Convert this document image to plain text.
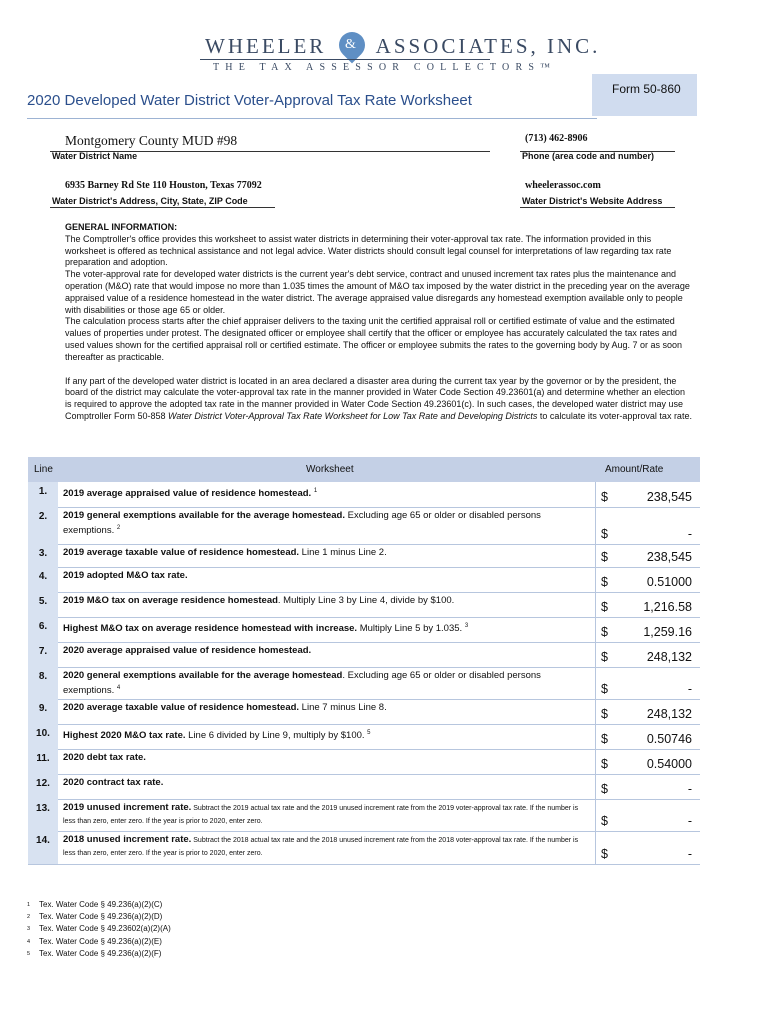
WHEELER	& ASSOCIATES, INC.
THE TAX ASSESSOR COLLECTORS™
Form 50-860
2020 Developed Water District Voter-Approval Tax Rate Worksheet
Montgomery County MUD #98
Water District Name
(713) 462-8906
Phone (area code and number)
6935 Barney Rd Ste 110 Houston, Texas 77092
Water District's Address, City, State, ZIP Code
wheelerassoc.com
Water District's Website Address

GENERAL INFORMATION:

The Comptroller's office provides this worksheet to assist water districts in determining their voter-approval tax rate. The information provided in this worksheet is offered as technical assistance and not legal advice. Water districts should consult legal counsel for interpretations of law regarding tax rate preparation and adoption.

The voter-approval rate for developed water districts is the current year's debt service, contract and unused increment tax rates plus the maintenance and operation (M&O) rate that would impose no more than 1.035 times the amount of M&O tax imposed by the water district in the preceding year on the average appraised value of a residence homestead in the water district. The average appraised value disregards any homestead exemption available only to people with disabilities or those age 65 or older.

The calculation process starts after the chief appraiser delivers to the taxing unit the certified appraisal roll or certified estimate of value and the estimated values of properties under protest. The designated officer or employee shall certify that the officer or employee has accurately calculated the tax rates and used values shown for the certified appraisal roll or certified estimate. The officer or employee submits the rates to the governing body by Aug. 7 or as soon thereafter as practicable.

If any part of the developed water district is located in an area declared a disaster area during the current tax year by the governor or by the president, the board of the district may calculate the voter-approval tax rate in the manner provided in Water Code Section 49.23601(a) and determine whether an election is required to approve the adopted tax rate in the manner provided in Water Code Section 49.23601(c). In such cases, the developed water district may use Comptroller Form 50-858 Water District Voter-Approval Tax Rate Worksheet for Low Tax Rate and Developing Districts to calculate its voter-approval tax rate.

Line	Worksheet	Amount/Rate
1.	2019 average appraised value of residence homestead. $^1$	$	238,545
2.	2019 general exemptions available for the average homestead. Excluding age 65 or older or disabled persons exemptions. $^2$	$	-
3.	2019 average taxable value of residence homestead. Line 1 minus Line 2.	$	238,545
4.	2019 adopted M&O tax rate.	$	0.51000
5.	2019 M&O tax on average residence homestead. Multiply Line 3 by Line 4, divide by $100.	$	1,216.58
6.	Highest M&O tax on average residence homestead with increase. Multiply Line 5 by 1.035. $^3$	$	1,259.16
7.	2020 average appraised value of residence homestead.	$	248,132
8.	2020 general exemptions available for the average homestead. Excluding age 65 or older or disabled persons exemptions. $^4$	$	-
9.	2020 average taxable value of residence homestead. Line 7 minus Line 8.	$	248,132
10.	Highest 2020 M&O tax rate. Line 6 divided by Line 9, multiply by $100. $^5$	$	0.50746
11.	2020 debt tax rate.	$	0.54000
12.	2020 contract tax rate.	$	-
13.	2019 unused increment rate. Subtract the 2019 actual tax rate and the 2019 unused increment rate from the 2019 voter-approval tax rate. If the number is less than zero, enter zero. If the year is prior to 2020, enter zero.	$	-
14.	2018 unused increment rate. Subtract the 2018 actual tax rate and the 2018 unused increment rate from the 2018 voter-approval tax rate. If the number is less than zero, enter zero. If the year is prior to 2020, enter zero.	$	-
$^1$ Tex. Water Code § 49.236(a)(2)(C)
$^2$ Tex. Water Code § 49.236(a)(2)(D)
$^3$ Tex. Water Code § 49.23602(a)(2)(A)
$^4$ Tex. Water Code § 49.236(a)(2)(E)
$^5$ Tex. Water Code § 49.236(a)(2)(F)
